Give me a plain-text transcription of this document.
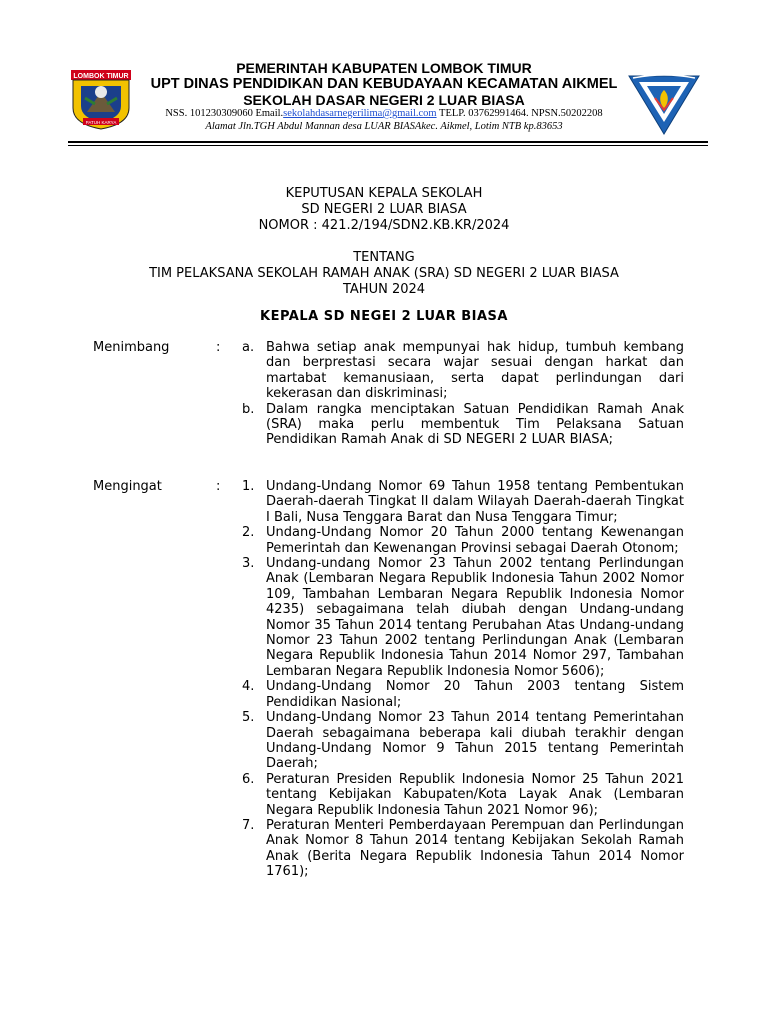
LOMBOK TIMUR
PATUH KARYA
PEMERINTAH KABUPATEN LOMBOK TIMUR
UPT DINAS PENDIDIKAN DAN KEBUDAYAAN KECAMATAN AIKMEL
SEKOLAH DASAR NEGERI 2 LUAR BIASA
NSS. 101230309060 Email.sekolahdasarnegerilima@gmail.com TELP. 03762991464. NPSN.50202208
Alamat Jln.TGH Abdul Mannan desa LUAR BIASAkec. Aikmel, Lotim NTB kp.83653
KEPUTUSAN KEPALA SEKOLAH
SD NEGERI 2 LUAR BIASA
NOMOR : 421.2/194/SDN2.KB.KR/2024
TENTANG
TIM PELAKSANA SEKOLAH RAMAH ANAK (SRA) SD NEGERI 2 LUAR BIASA
TAHUN 2024
KEPALA SD NEGEI 2 LUAR BIASA
Menimbang	: a. Bahwa setiap anak mempunyai hak hidup, tumbuh kembang dan berprestasi secara wajar sesuai dengan harkat dan martabat kemanusiaan, serta dapat perlindungan dari kekerasan dan diskriminasi;
b. Dalam rangka menciptakan Satuan Pendidikan Ramah Anak (SRA) maka perlu membentuk Tim Pelaksana Satuan Pendidikan Ramah Anak di SD NEGERI 2 LUAR BIASA;
Mengingat	: 1. Undang-Undang Nomor 69 Tahun 1958 tentang Pembentukan Daerah-daerah Tingkat II dalam Wilayah Daerah-daerah Tingkat I Bali, Nusa Tenggara Barat dan Nusa Tenggara Timur;
2. Undang-Undang Nomor 20 Tahun 2000 tentang Kewenangan Pemerintah dan Kewenangan Provinsi sebagai Daerah Otonom;
3. Undang-undang Nomor 23 Tahun 2002 tentang Perlindungan Anak (Lembaran Negara Republik Indonesia Tahun 2002 Nomor 109, Tambahan Lembaran Negara Republik Indonesia Nomor 4235) sebagaimana telah diubah dengan Undang-undang Nomor 35 Tahun 2014 tentang Perubahan Atas Undang-undang Nomor 23 Tahun 2002 tentang Perlindungan Anak (Lembaran Negara Republik Indonesia Tahun 2014 Nomor 297, Tambahan Lembaran Negara Republik Indonesia Nomor 5606);
4. Undang-Undang Nomor 20 Tahun 2003 tentang Sistem Pendidikan Nasional;
5. Undang-Undang Nomor 23 Tahun 2014 tentang Pemerintahan Daerah sebagaimana beberapa kali diubah terakhir dengan Undang-Undang Nomor 9 Tahun 2015 tentang Pemerintah Daerah;
6. Peraturan Presiden Republik Indonesia Nomor 25 Tahun 2021 tentang Kebijakan Kabupaten/Kota Layak Anak (Lembaran Negara Republik Indonesia Tahun 2021 Nomor 96);
7. Peraturan Menteri Pemberdayaan Perempuan dan Perlindungan Anak Nomor 8 Tahun 2014 tentang Kebijakan Sekolah Ramah Anak (Berita Negara Republik Indonesia Tahun 2014 Nomor 1761);
